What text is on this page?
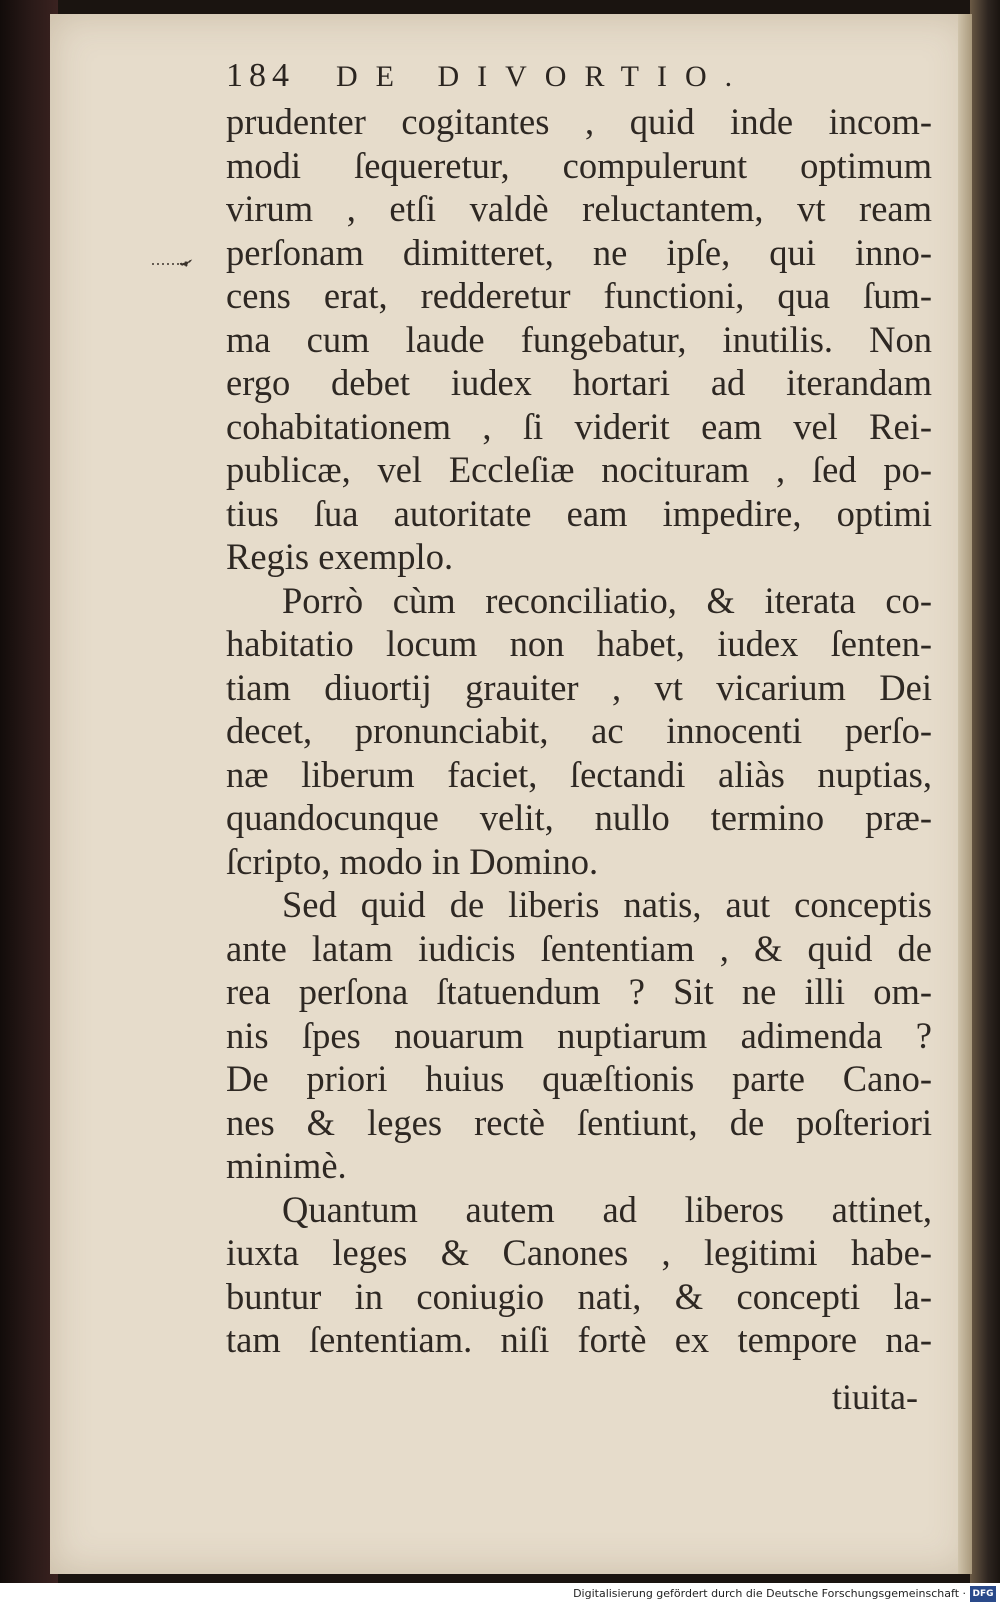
184 DE DIVORTIO.
prudenter cogitantes , quid inde incom-
modi ſequeretur, compulerunt optimum
virum , etſi valdè reluctantem, vt ream
perſonam dimitteret, ne ipſe, qui inno-
cens erat, redderetur functioni, qua ſum-
ma cum laude fungebatur, inutilis. Non
ergo debet iudex hortari ad iterandam
cohabitationem , ſi viderit eam vel Rei-
publicæ, vel Eccleſiæ nocituram , ſed po-
tius ſua autoritate eam impedire, optimi
Regis exemplo.
Porrò cùm reconciliatio, & iterata co-
habitatio locum non habet, iudex ſenten-
tiam diuortij grauiter , vt vicarium Dei
decet, pronunciabit, ac innocenti perſo-
næ liberum faciet, ſectandi aliàs nuptias,
quandocunque velit, nullo termino præ-
ſcripto, modo in Domino.
Sed quid de liberis natis, aut conceptis
ante latam iudicis ſententiam , & quid de
rea perſona ſtatuendum ? Sit ne illi om-
nis ſpes nouarum nuptiarum adimenda ?
De priori huius quæſtionis parte Cano-
nes & leges rectè ſentiunt, de poſteriori
minimè.
Quantum autem ad liberos attinet,
iuxta leges & Canones , legitimi habe-
buntur in coniugio nati, & concepti la-
tam ſententiam. niſi fortè ex tempore na-
tiuita-
Digitalisierung gefördert durch die Deutsche Forschungsgemeinschaft · DFG
